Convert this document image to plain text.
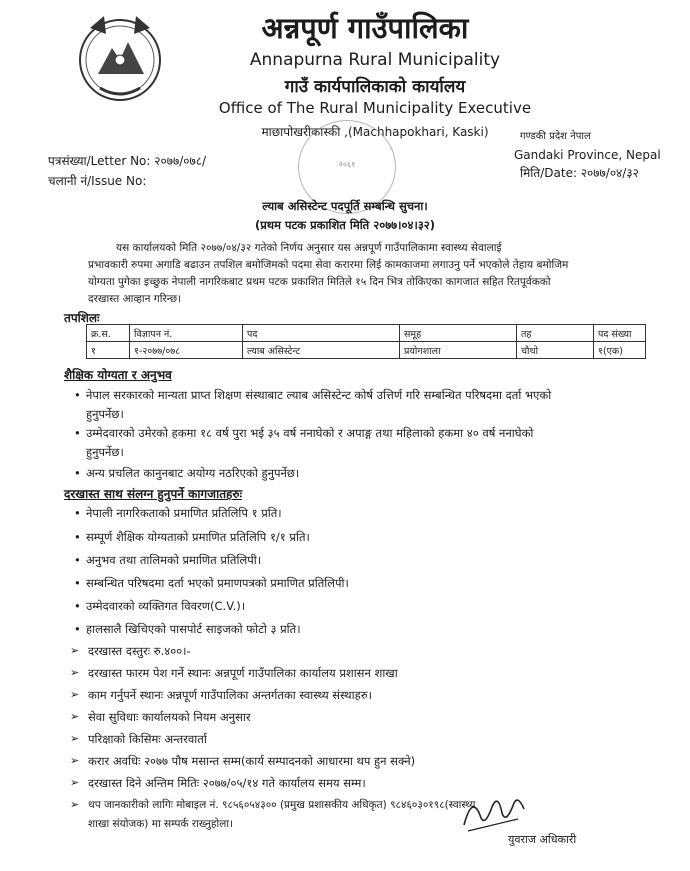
अन्नपूर्ण गाउँपालिका
Annapurna Rural Municipality
गाउँ कार्यपालिकाको कार्यालय
Office of The Rural Municipality Executive
माछापोखरीकास्की ,(Machhapokhari, Kaski)	गण्डकी प्रदेश नेपाल
Gandaki Province, Nepal
मिति/Date: २०७७/०४/३२
पत्रसंख्या/Letter No: २०७७/०७८/
चलानी नं/Issue No:
२०६१
ल्याब असिस्टेन्ट पदपूर्ति सम्बन्धि सुचना।
(प्रथम पटक प्रकाशित मिति २०७७।०४।३२)
यस कार्यालयको मिति २०७७/०४/३२ गतेको निर्णय अनुसार यस अन्नपूर्ण गाउँपालिकामा स्वास्थ्य सेवालाई
प्रभावकारी रुपमा अगाडि बढाउन तपशिल बमोजिमको पदमा सेवा करारमा लिई कामकाजमा लगाउनु पर्ने भएकोले तेहाय बमोजिम
योग्यता पुगेका इच्छुक नेपाली नागरिकबाट प्रथम पटक प्रकाशित मितिले १५ दिन भित्र तोकिएका कागजात सहित रितपूर्वकको
दरखास्त आव्हान गरिन्छ।
तपशिलः
क्र.स.	विज्ञापन नं.	पद	समूह	तह	पद संख्या
१	१-२०७७/०७८	ल्याब असिस्टेन्ट	प्रयोगशाला	चौथो	१(एक)
शैक्षिक योग्यता र अनुभव
• नेपाल सरकारको मान्यता प्राप्त शिक्षण संस्थाबाट ल्याब असिस्टेन्ट कोर्ष उत्तिर्ण गरि सम्बन्धित परिषदमा दर्ता भएको
हुनुपर्नेछ।
• उम्मेदवारको उमेरको हकमा १८ वर्ष पुरा भई ३५ वर्ष ननाघेको र अपाङ्ग तथा महिलाको हकमा ४० वर्ष ननाघेको
हुनुपर्नेछ।
• अन्य प्रचलित कानुनबाट अयोग्य नठरिएको हुनुपर्नेछ।
दरखास्त साथ संलग्न हुनुपर्ने कागजातहरुः
• नेपाली नागरिकताको प्रमाणित प्रतिलिपि १ प्रति।
• सम्पूर्ण शैक्षिक योग्यताको प्रमाणित प्रतिलिपि १/१ प्रति।
• अनुभव तथा तालिमको प्रमाणित प्रतिलिपी।
• सम्बन्धित परिषदमा दर्ता भएको प्रमाणपत्रको प्रमाणित प्रतिलिपी।
• उम्मेदवारको व्यक्तिगत विवरण(C.V.)।
• हालसालै खिचिएको पासपोर्ट साइजको फोटो ३ प्रति।
➢ दरखास्त दस्तुरः रु.४००।-
➢ दरखास्त फारम पेश गर्ने स्थानः अन्नपूर्ण गाउँपालिका कार्यालय प्रशासन शाखा
➢ काम गर्नुपर्ने स्थानः अन्नपूर्ण गाउँपालिका अन्तर्गतका स्वास्थ्य संस्थाहरु।
➢ सेवा सुविधाः कार्यालयको नियम अनुसार
➢ परिक्षाको किसिमः अन्तरवार्ता
➢ करार अवधिः २०७७ पौष मसान्त सम्म(कार्य सम्पादनको आधारमा थप हुन सक्ने)
➢ दरखास्त दिने अन्तिम मितिः २०७७/०५/१४ गते कार्यालय समय सम्म।
➢ थप जानकारीको लागिः मोबाइल नं. ९८५६०५४३०० (प्रमुख प्रशासकीय अधिकृत) ९८४६०३०१९८(स्वास्थ्य
शाखा संयोजक) मा सम्पर्क राख्नुहोला।
युवराज अधिकारी
